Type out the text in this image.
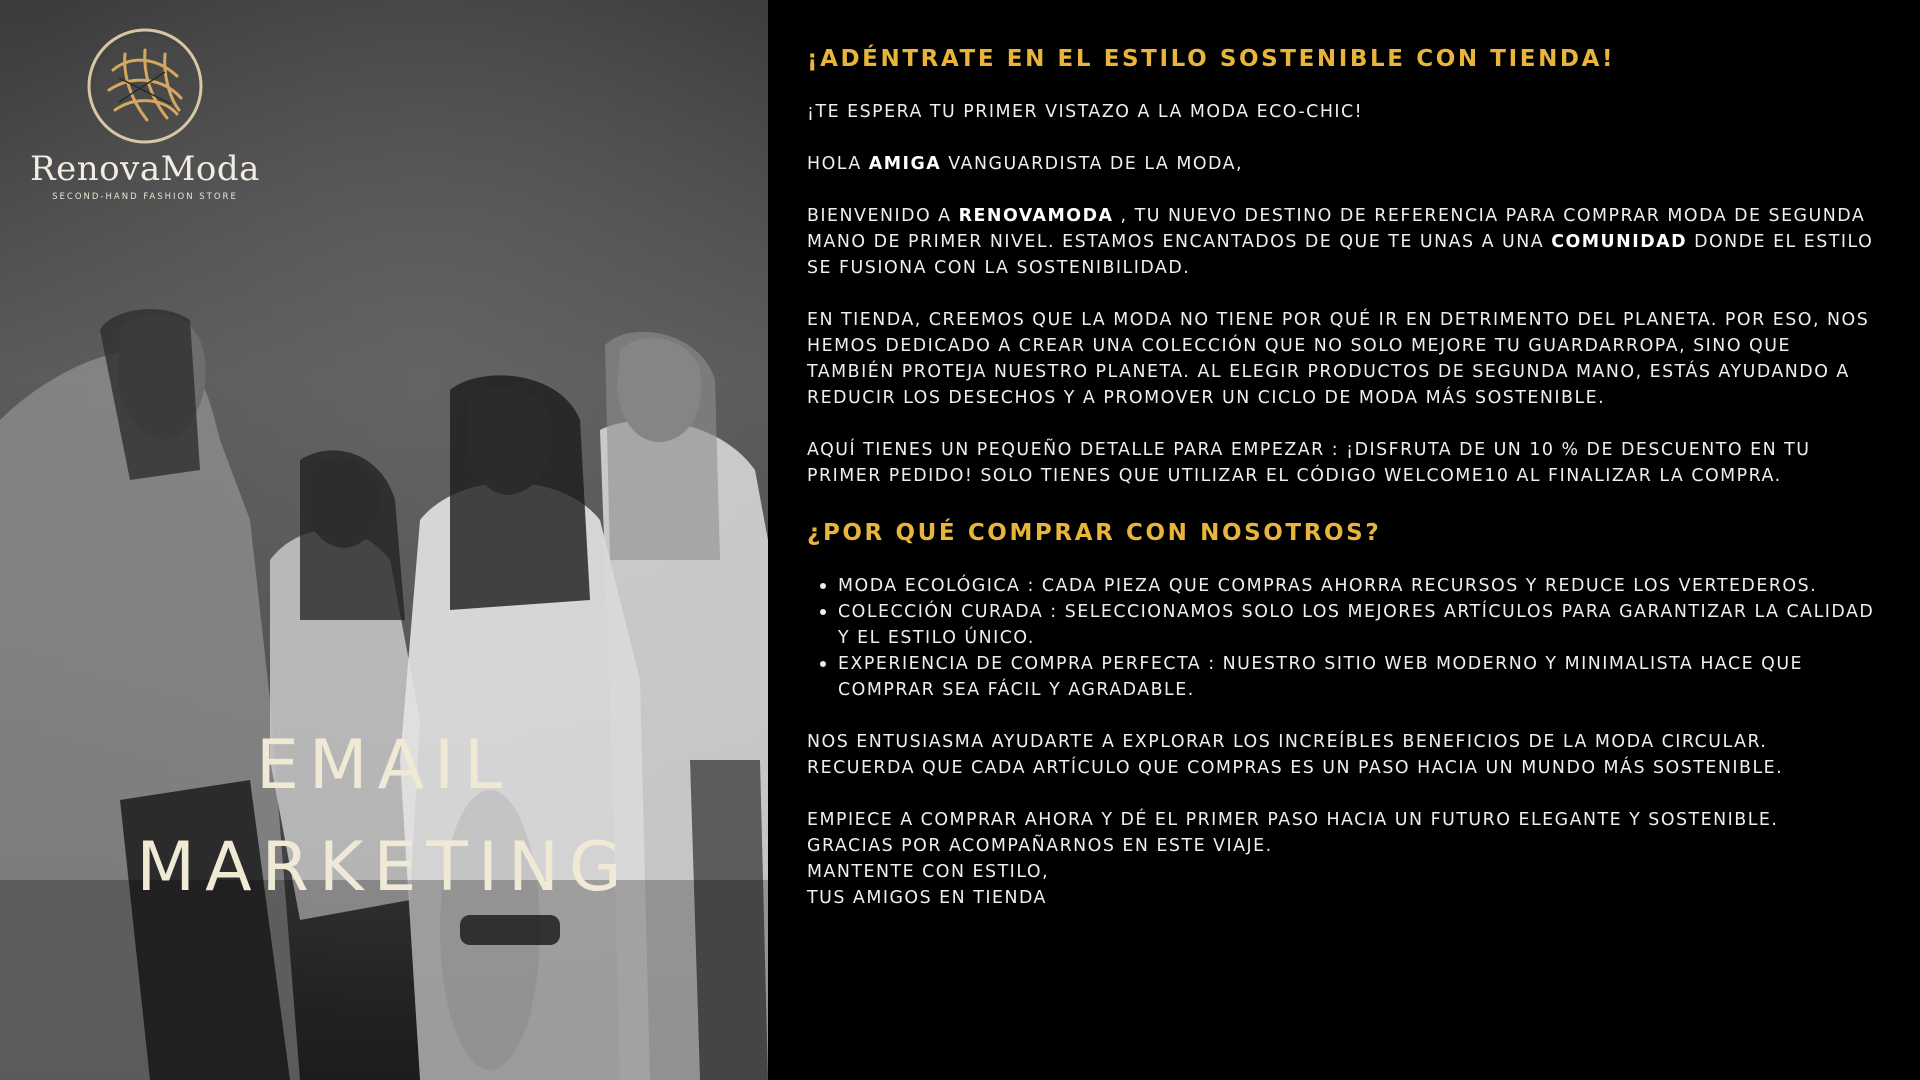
RenovaModa
SECOND-HAND FASHION STORE
EMAIL
MARKETING
¡ADÉNTRATE EN EL ESTILO SOSTENIBLE CON TIENDA!

¡TE ESPERA TU PRIMER VISTAZO A LA MODA ECO-CHIC!

HOLA AMIGA VANGUARDISTA DE LA MODA,

BIENVENIDO A RENOVAMODA , TU NUEVO DESTINO DE REFERENCIA PARA COMPRAR MODA DE SEGUNDA MANO DE PRIMER NIVEL. ESTAMOS ENCANTADOS DE QUE TE UNAS A UNA COMUNIDAD DONDE EL ESTILO SE FUSIONA CON LA SOSTENIBILIDAD.

EN TIENDA, CREEMOS QUE LA MODA NO TIENE POR QUÉ IR EN DETRIMENTO DEL PLANETA. POR ESO, NOS HEMOS DEDICADO A CREAR UNA COLECCIÓN QUE NO SOLO MEJORE TU GUARDARROPA, SINO QUE TAMBIÉN PROTEJA NUESTRO PLANETA. AL ELEGIR PRODUCTOS DE SEGUNDA MANO, ESTÁS AYUDANDO A REDUCIR LOS DESECHOS Y A PROMOVER UN CICLO DE MODA MÁS SOSTENIBLE.

AQUÍ TIENES UN PEQUEÑO DETALLE PARA EMPEZAR : ¡DISFRUTA DE UN 10 % DE DESCUENTO EN TU PRIMER PEDIDO! SOLO TIENES QUE UTILIZAR EL CÓDIGO WELCOME10 AL FINALIZAR LA COMPRA.

¿POR QUÉ COMPRAR CON NOSOTROS?
MODA ECOLÓGICA : CADA PIEZA QUE COMPRAS AHORRA RECURSOS Y REDUCE LOS VERTEDEROS.
COLECCIÓN CURADA : SELECCIONAMOS SOLO LOS MEJORES ARTÍCULOS PARA GARANTIZAR LA CALIDAD Y EL ESTILO ÚNICO.
EXPERIENCIA DE COMPRA PERFECTA : NUESTRO SITIO WEB MODERNO Y MINIMALISTA HACE QUE COMPRAR SEA FÁCIL Y AGRADABLE.

NOS ENTUSIASMA AYUDARTE A EXPLORAR LOS INCREÍBLES BENEFICIOS DE LA MODA CIRCULAR. RECUERDA QUE CADA ARTÍCULO QUE COMPRAS ES UN PASO HACIA UN MUNDO MÁS SOSTENIBLE.

EMPIECE A COMPRAR AHORA Y DÉ EL PRIMER PASO HACIA UN FUTURO ELEGANTE Y SOSTENIBLE.

GRACIAS POR ACOMPAÑARNOS EN ESTE VIAJE.

MANTENTE CON ESTILO,

TUS AMIGOS EN TIENDA
